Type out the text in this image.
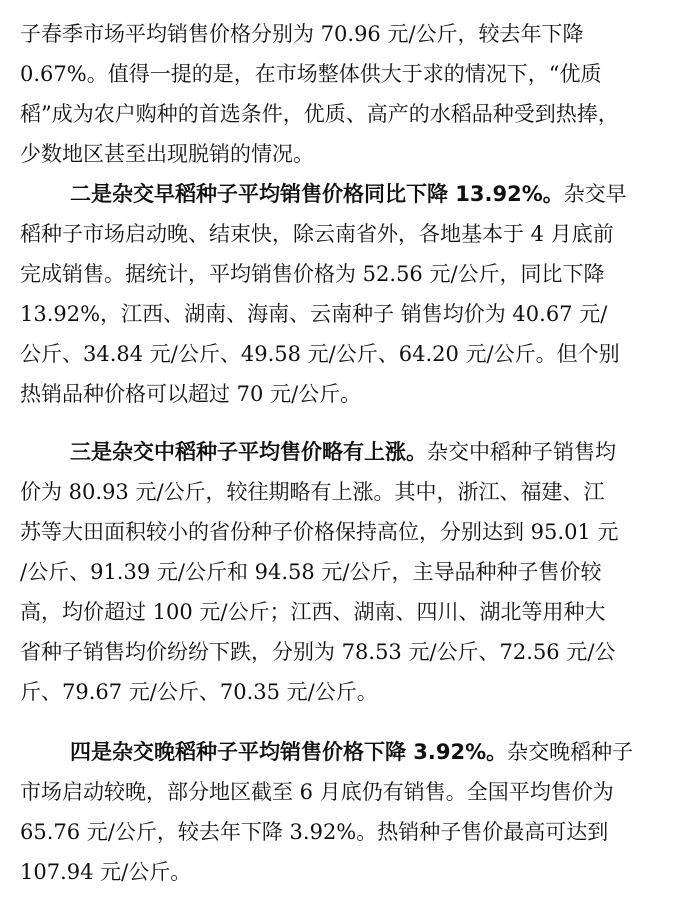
子春季市场平均销售价格分别为 70.96 元/公斤，较去年下降
0.67%。值得一提的是，在市场整体供大于求的情况下，“优质
稻”成为农户购种的首选条件，优质、高产的水稻品种受到热捧，
少数地区甚至出现脱销的情况。
二是杂交早稻种子平均销售价格同比下降 13.92%。杂交早
稻种子市场启动晚、结束快，除云南省外，各地基本于 4 月底前
完成销售。据统计，平均销售价格为 52.56 元/公斤，同比下降
13.92%，江西、湖南、海南、云南种子 销售均价为 40.67 元/
公斤、34.84 元/公斤、49.58 元/公斤、64.20 元/公斤。但个别
热销品种价格可以超过 70 元/公斤。
三是杂交中稻种子平均售价略有上涨。杂交中稻种子销售均
价为 80.93 元/公斤，较往期略有上涨。其中，浙江、福建、江
苏等大田面积较小的省份种子价格保持高位，分别达到 95.01 元
/公斤、91.39 元/公斤和 94.58 元/公斤，主导品种种子售价较
高，均价超过 100 元/公斤；江西、湖南、四川、湖北等用种大
省种子销售均价纷纷下跌，分别为 78.53 元/公斤、72.56 元/公
斤、79.67 元/公斤、70.35 元/公斤。
四是杂交晚稻种子平均销售价格下降 3.92%。杂交晚稻种子
市场启动较晚，部分地区截至 6 月底仍有销售。全国平均售价为
65.76 元/公斤，较去年下降 3.92%。热销种子售价最高可达到
107.94 元/公斤。
